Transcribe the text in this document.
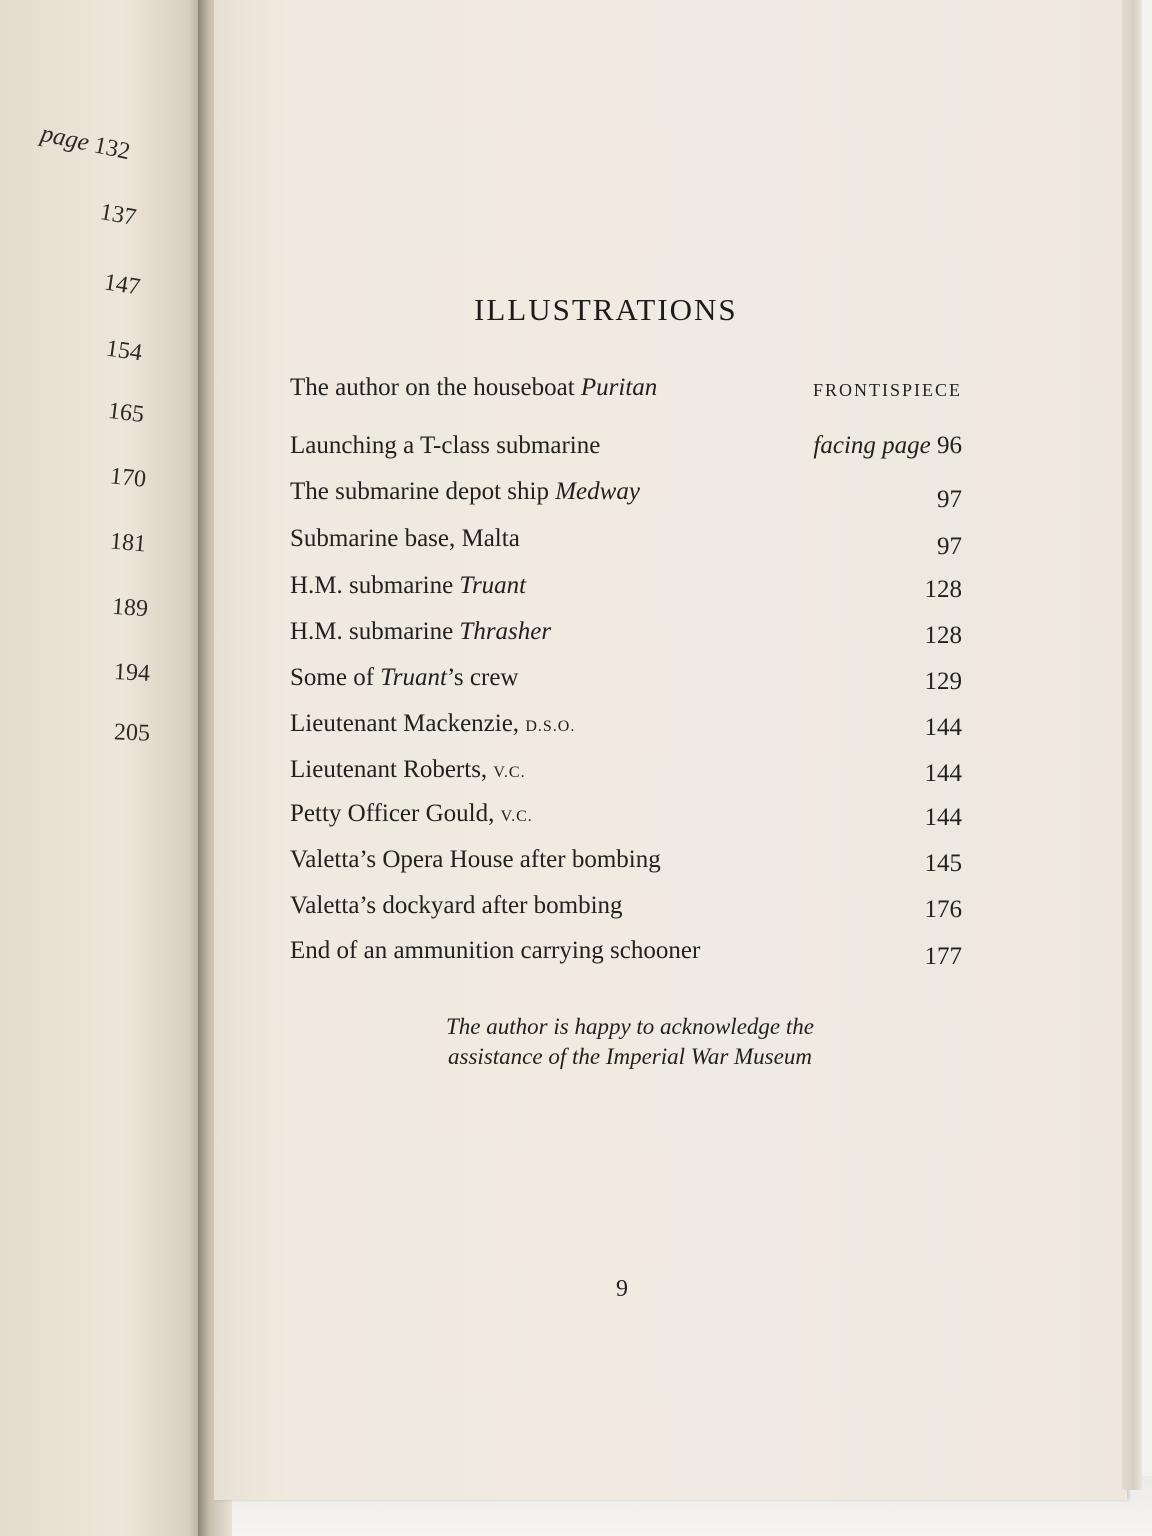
page132
137
147
154
165
170
181
189
194
205
ILLUSTRATIONS
The author on the houseboat Puritan	FRONTISPIECE
Launching a T-class submarine	facing page 96
The submarine depot ship Medway	97
Submarine base, Malta	97
H.M. submarine Truant	128
H.M. submarine Thrasher	128
Some of Truant’s crew	129
Lieutenant Mackenzie, D.S.O.	144
Lieutenant Roberts, V.C.	144
Petty Officer Gould, V.C.	144
Valetta’s Opera House after bombing	145
Valetta’s dockyard after bombing	176
End of an ammunition carrying schooner	177
The author is happy to acknowledge the
assistance of the Imperial War Museum
9
